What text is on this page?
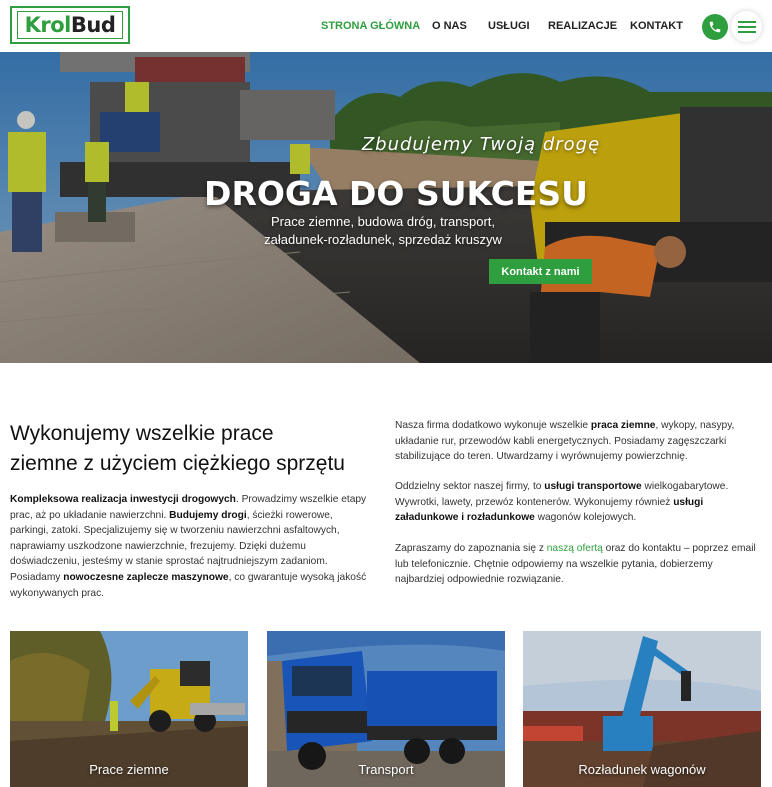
KrolBud	STRONA GŁÓWNA O NAS USŁUGI REALIZACJE KONTAKT
Zbudujemy Twoją drogę
DROGA DO SUKCESU
Prace ziemne, budowa dróg, transport,
załadunek-rozładunek, sprzedaż kruszyw
Kontakt z nami
Wykonujemy wszelkie prace
ziemne z użyciem ciężkiego sprzętu
Kompleksowa realizacja inwestycji drogowych. Prowadzimy wszelkie etapy prac, aż po układanie nawierzchni. Budujemy drogi, ścieżki rowerowe, parkingi, zatoki. Specjalizujemy się w tworzeniu nawierzchni asfaltowych, naprawiamy uszkodzone nawierzchnie, frezujemy. Dzięki dużemu doświadczeniu, jesteśmy w stanie sprostać najtrudniejszym zadaniom. Posiadamy nowoczesne zaplecze maszynowe, co gwarantuje wysoką jakość wykonywanych prac.
Nasza firma dodatkowo wykonuje wszelkie praca ziemne, wykopy, nasypy, układanie rur, przewodów kabli energetycznych. Posiadamy zagęszczarki stabilizujące do teren. Utwardzamy i wyrównujemy powierzchnię.
Oddzielny sektor naszej firmy, to usługi transportowe wielkogabarytowe. Wywrotki, lawety, przewóz kontenerów. Wykonujemy również usługi załadunkowe i rozładunkowe wagonów kolejowych.
Zapraszamy do zapoznania się z naszą ofertą oraz do kontaktu – poprzez email lub telefonicznie. Chętnie odpowiemy na wszelkie pytania, dobierzemy najbardziej odpowiednie rozwiązanie.
Prace ziemne	Transport	Rozładunek wagonów
